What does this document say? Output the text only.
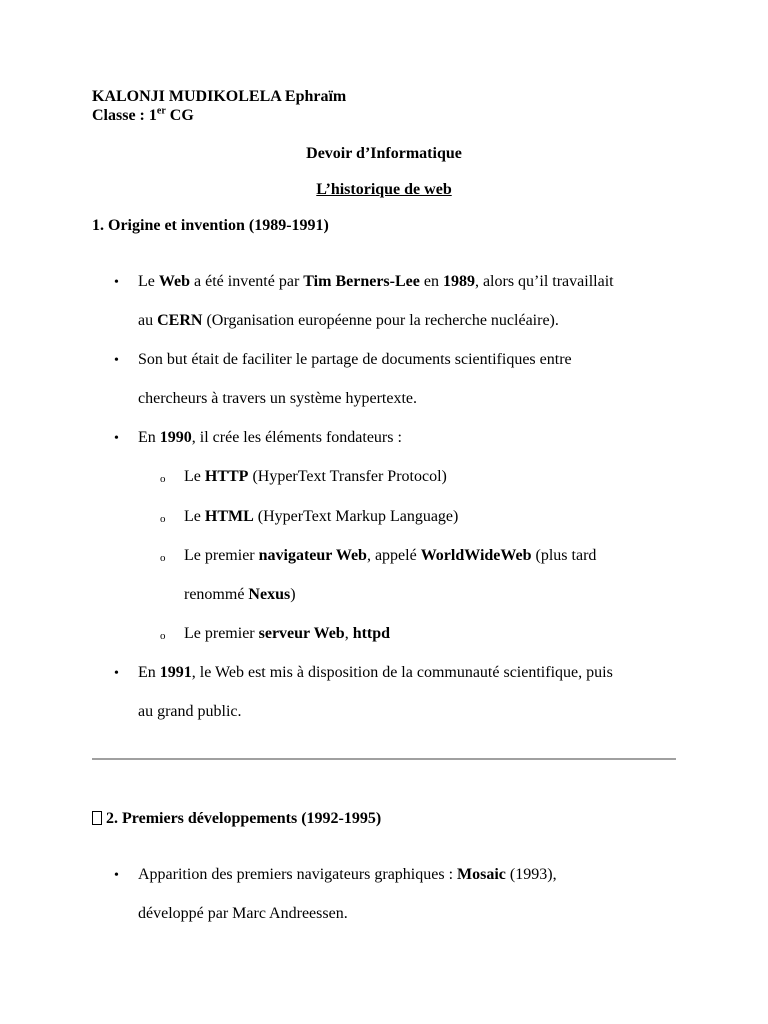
KALONJI MUDIKOLELA Ephraïm
Classe : 1er CG
Devoir d’Informatique
L’historique de web
1. Origine et invention (1989-1991)
• Le Web a été inventé par Tim Berners-Lee en 1989, alors qu’il travaillait
au CERN (Organisation européenne pour la recherche nucléaire).
• Son but était de faciliter le partage de documents scientifiques entre
chercheurs à travers un système hypertexte.
• En 1990, il crée les éléments fondateurs :
o Le HTTP (HyperText Transfer Protocol)
o Le HTML (HyperText Markup Language)
o Le premier navigateur Web, appelé WorldWideWeb (plus tard
renommé Nexus)
o Le premier serveur Web, httpd
• En 1991, le Web est mis à disposition de la communauté scientifique, puis
au grand public.
2. Premiers développements (1992-1995)
• Apparition des premiers navigateurs graphiques : Mosaic (1993),
développé par Marc Andreessen.
